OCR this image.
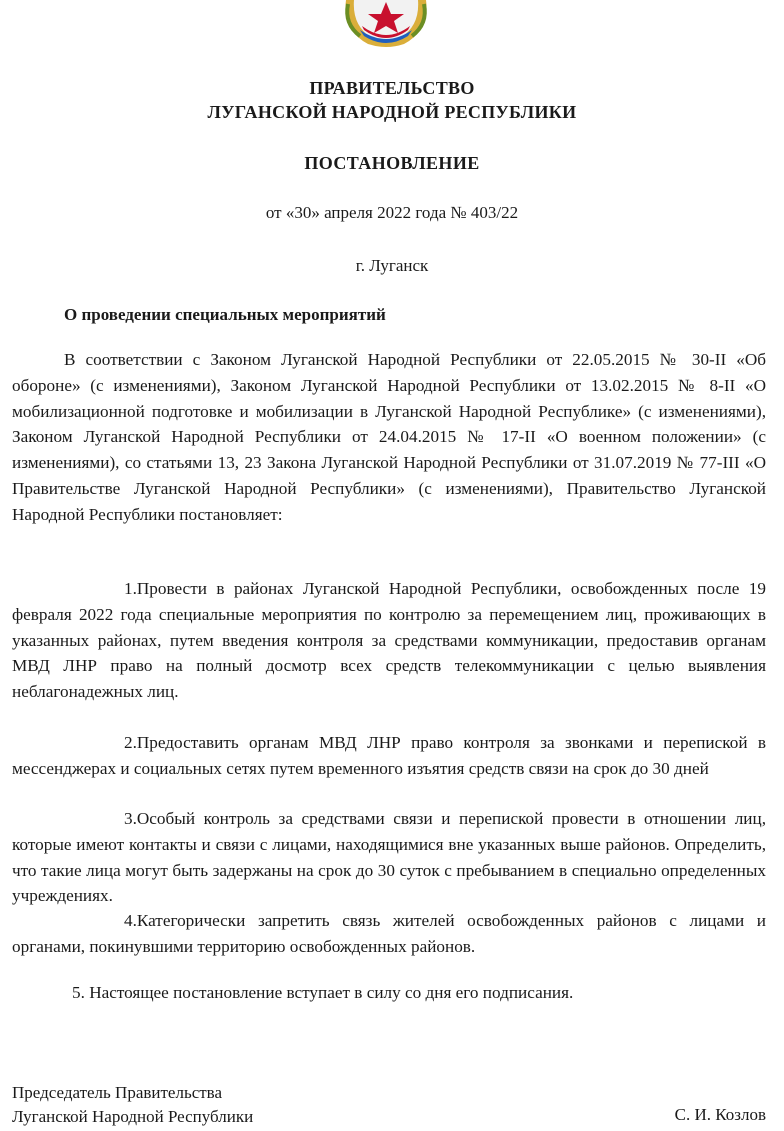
ПРАВИТЕЛЬСТВО
ЛУГАНСКОЙ НАРОДНОЙ РЕСПУБЛИКИ
ПОСТАНОВЛЕНИЕ
от «30» апреля 2022 года № 403/22
г. Луганск
О проведении специальных мероприятий
В соответствии с Законом Луганской Народной Республики от 22.05.2015 № 30-II «Об обороне» (с изменениями), Законом Луганской Народной Республики от 13.02.2015 № 8-II «О мобилизационной подготовке и мобилизации в Луганской Народной Республике» (с изменениями), Законом Луганской Народной Республики от 24.04.2015 № 17-II «О военном положении» (с изменениями), со статьями 13, 23 Закона Луганской Народной Республики от 31.07.2019 № 77-III «О Правительстве Луганской Народной Республики» (с изменениями), Правительство Луганской Народной Республики постановляет:
1.Провести в районах Луганской Народной Республики, освобожденных после 19 февраля 2022 года специальные мероприятия по контролю за перемещением лиц, проживающих в указанных районах, путем введения контроля за средствами коммуникации, предоставив органам МВД ЛНР право на полный досмотр всех средств телекоммуникации с целью выявления неблагонадежных лиц.
2.Предоставить органам МВД ЛНР право контроля за звонками и перепиской в мессенджерах и социальных сетях путем временного изъятия средств связи на срок до 30 дней
3.Особый контроль за средствами связи и перепиской провести в отношении лиц, которые имеют контакты и связи с лицами, находящимися вне указанных выше районов. Определить, что такие лица могут быть задержаны на срок до 30 суток с пребыванием в специально определенных учреждениях.
4.Категорически запретить связь жителей освобожденных районов с лицами и органами, покинувшими территорию освобожденных районов.
5. Настоящее постановление вступает в силу со дня его подписания.
Председатель Правительства
Луганской Народной Республики	С. И. Козлов
